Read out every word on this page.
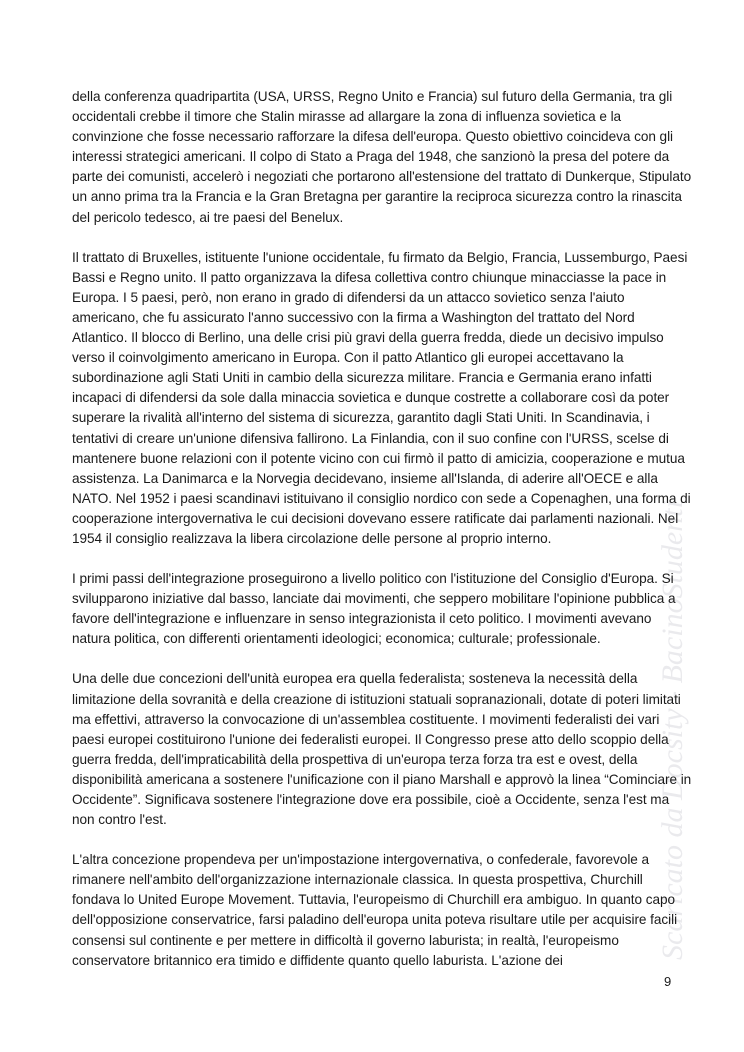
Scaricato da Docsity - BacinoStudenti

della conferenza quadripartita (USA, URSS, Regno Unito e Francia) sul futuro della Germania, tra gli occidentali crebbe il timore che Stalin mirasse ad allargare la zona di influenza sovietica e la convinzione che fosse necessario rafforzare la difesa dell'europa. Questo obiettivo coincideva con gli interessi strategici americani. Il colpo di Stato a Praga del 1948, che sanzionò la presa del potere da parte dei comunisti, accelerò i negoziati che portarono all'estensione del trattato di Dunkerque, Stipulato un anno prima tra la Francia e la Gran Bretagna per garantire la reciproca sicurezza contro la rinascita del pericolo tedesco, ai tre paesi del Benelux.

Il trattato di Bruxelles, istituente l'unione occidentale, fu firmato da Belgio, Francia, Lussemburgo, Paesi Bassi e Regno unito. Il patto organizzava la difesa collettiva contro chiunque minacciasse la pace in Europa. I 5 paesi, però, non erano in grado di difendersi da un attacco sovietico senza l'aiuto americano, che fu assicurato l'anno successivo con la firma a Washington del trattato del Nord Atlantico. Il blocco di Berlino, una delle crisi più gravi della guerra fredda, diede un decisivo impulso verso il coinvolgimento americano in Europa. Con il patto Atlantico gli europei accettavano la subordinazione agli Stati Uniti in cambio della sicurezza militare. Francia e Germania erano infatti incapaci di difendersi da sole dalla minaccia sovietica e dunque costrette a collaborare così da poter superare la rivalità all'interno del sistema di sicurezza, garantito dagli Stati Uniti. In Scandinavia, i tentativi di creare un'unione difensiva fallirono. La Finlandia, con il suo confine con l'URSS, scelse di mantenere buone relazioni con il potente vicino con cui firmò il patto di amicizia, cooperazione e mutua assistenza. La Danimarca e la Norvegia decidevano, insieme all'Islanda, di aderire all'OECE e alla NATO. Nel 1952 i paesi scandinavi istituivano il consiglio nordico con sede a Copenaghen, una forma di cooperazione intergovernativa le cui decisioni dovevano essere ratificate dai parlamenti nazionali. Nel 1954 il consiglio realizzava la libera circolazione delle persone al proprio interno.

I primi passi dell'integrazione proseguirono a livello politico con l'istituzione del Consiglio d'Europa. Si svilupparono iniziative dal basso, lanciate dai movimenti, che seppero mobilitare l'opinione pubblica a favore dell'integrazione e influenzare in senso integrazionista il ceto politico. I movimenti avevano natura politica, con differenti orientamenti ideologici; economica; culturale; professionale.

Una delle due concezioni dell'unità europea era quella federalista; sosteneva la necessità della limitazione della sovranità e della creazione di istituzioni statuali sopranazionali, dotate di poteri limitati ma effettivi, attraverso la convocazione di un'assemblea costituente. I movimenti federalisti dei vari paesi europei costituirono l'unione dei federalisti europei. Il Congresso prese atto dello scoppio della guerra fredda, dell'impraticabilità della prospettiva di un'europa terza forza tra est e ovest, della disponibilità americana a sostenere l'unificazione con il piano Marshall e approvò la linea “Cominciare in Occidente”. Significava sostenere l'integrazione dove era possibile, cioè a Occidente, senza l'est ma non contro l'est.

L'altra concezione propendeva per un'impostazione intergovernativa, o confederale, favorevole a rimanere nell'ambito dell'organizzazione internazionale classica. In questa prospettiva, Churchill fondava lo United Europe Movement. Tuttavia, l'europeismo di Churchill era ambiguo. In quanto capo dell'opposizione conservatrice, farsi paladino dell'europa unita poteva risultare utile per acquisire facili consensi sul continente e per mettere in difficoltà il governo laburista; in realtà, l'europeismo conservatore britannico era timido e diffidente quanto quello laburista. L'azione dei

9
